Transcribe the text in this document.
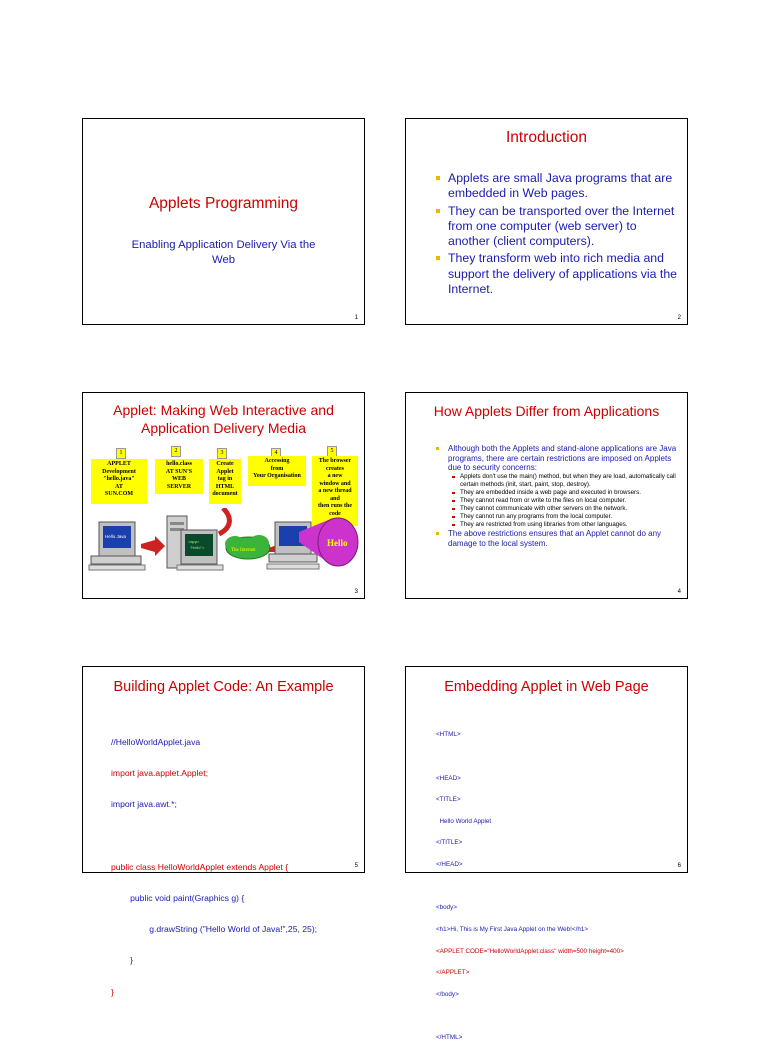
Applets Programming
Enabling Application Delivery Via the Web
1
Introduction
Applets are small Java programs that are embedded in Web pages.
They can be transported over the Internet from one computer (web server) to another (client computers).
They transform web into rich media and support the delivery of applications via the Internet.
2
Applet: Making Web Interactive and Application Delivery Media
1	2	3	4	5
APPLET
Development
"hello.java"
AT
SUN.COM
hello.class
AT SUN'S
WEB
SERVER
Create
Applet
tag in
HTML
document
Accessing
from
Your Organisation
The browser
creates
a new
window and
a new thread
and
then runs the
code
Hello Java
<app=
"Hello">
The Internet
Hello
3
How Applets Differ from Applications
Although both the Applets and stand-alone applications are Java programs, there are certain restrictions are imposed on Applets due to security concerns:
Applets don't use the main() method, but when they are load, automatically call certain methods (init, start, paint, stop, destroy).
They are embedded inside a web page and executed in browsers.
They cannot read from or write to the files on local computer.
They cannot communicate with other servers on the network.
They cannot run any programs from the local computer.
They are restricted from using libraries from other languages.
The above restrictions ensures that an Applet cannot do any damage to the local system.
4
Building Applet Code: An Example

//HelloWorldApplet.java

import java.applet.Applet;

import java.awt.*;

public class HelloWorldApplet extends Applet {

public void paint(Graphics g) {

g.drawString ("Hello World of Java!",25, 25);

}

}

5
Embedding Applet in Web Page

<HTML>

<HEAD>

<TITLE>

Hello World Applet

</TITLE>

</HEAD>

<body>

<h1>Hi, This is My First Java Applet on the Web!</h1>

<APPLET CODE="HelloWorldApplet.class" width=500 height=400>

</APPLET>

</body>

</HTML>

6
